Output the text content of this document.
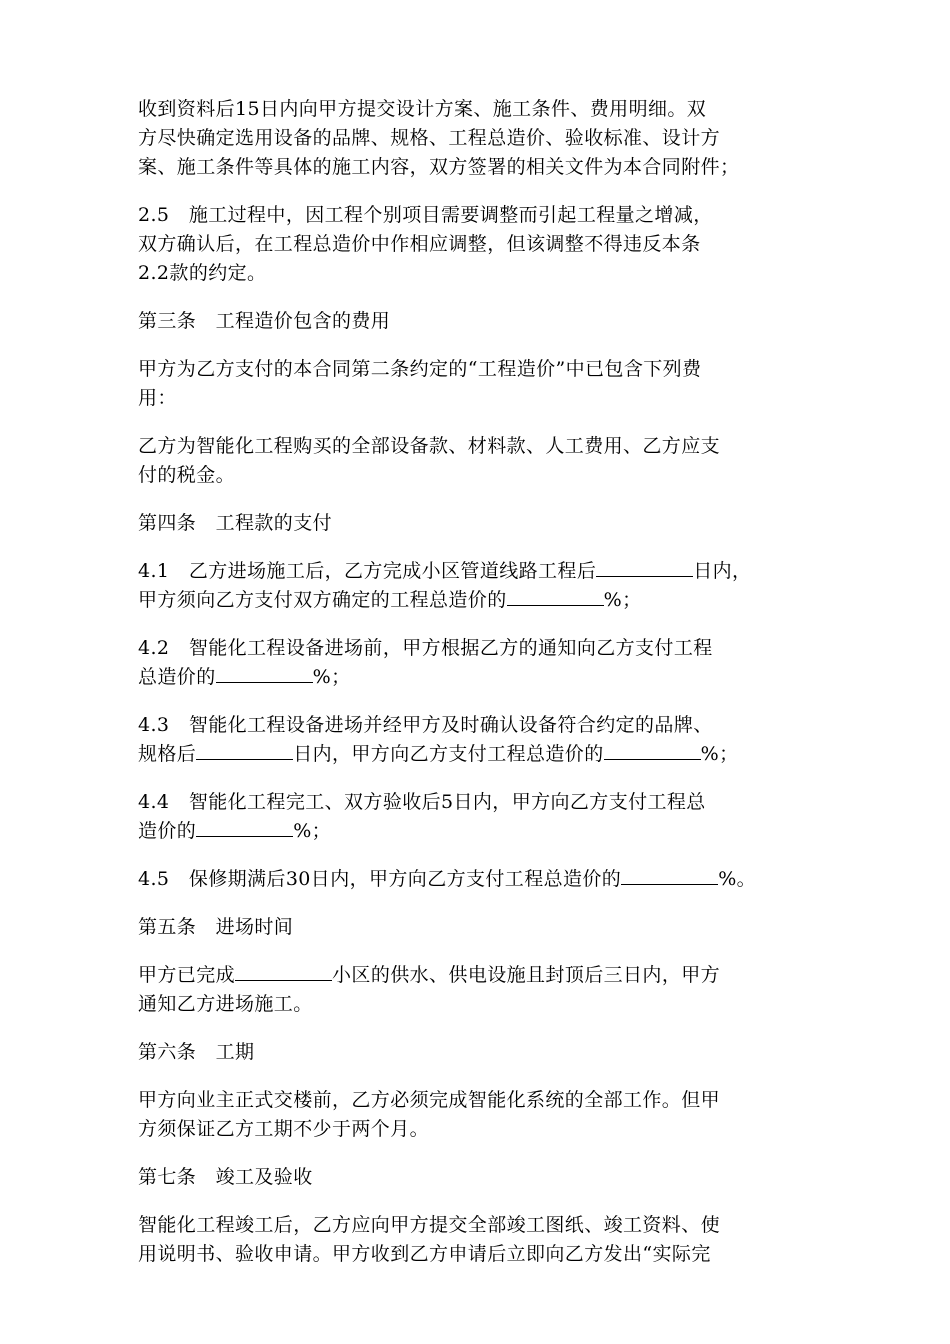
收到资料后15日内向甲方提交设计方案、施工条件、费用明细。双
方尽快确定选用设备的品牌、规格、工程总造价、验收标准、设计方
案、施工条件等具体的施工内容，双方签署的相关文件为本合同附件；

2.5　施工过程中，因工程个别项目需要调整而引起工程量之增减，
双方确认后，在工程总造价中作相应调整，但该调整不得违反本条
2.2款的约定。

第三条　工程造价包含的费用

甲方为乙方支付的本合同第二条约定的“工程造价”中已包含下列费
用：

乙方为智能化工程购买的全部设备款、材料款、人工费用、乙方应支
付的税金。

第四条　工程款的支付

4.1　乙方进场施工后，乙方完成小区管道线路工程后	日内，
甲方须向乙方支付双方确定的工程总造价的	%；

4.2　智能化工程设备进场前，甲方根据乙方的通知向乙方支付工程
总造价的	%；

4.3　智能化工程设备进场并经甲方及时确认设备符合约定的品牌、
规格后	日内，甲方向乙方支付工程总造价的	%；

4.4　智能化工程完工、双方验收后5日内，甲方向乙方支付工程总
造价的	%；

4.5　保修期满后30日内，甲方向乙方支付工程总造价的	%。

第五条　进场时间

甲方已完成	小区的供水、供电设施且封顶后三日内，甲方
通知乙方进场施工。

第六条　工期

甲方向业主正式交楼前，乙方必须完成智能化系统的全部工作。但甲
方须保证乙方工期不少于两个月。

第七条　竣工及验收

智能化工程竣工后，乙方应向甲方提交全部竣工图纸、竣工资料、使
用说明书、验收申请。甲方收到乙方申请后立即向乙方发出“实际完
